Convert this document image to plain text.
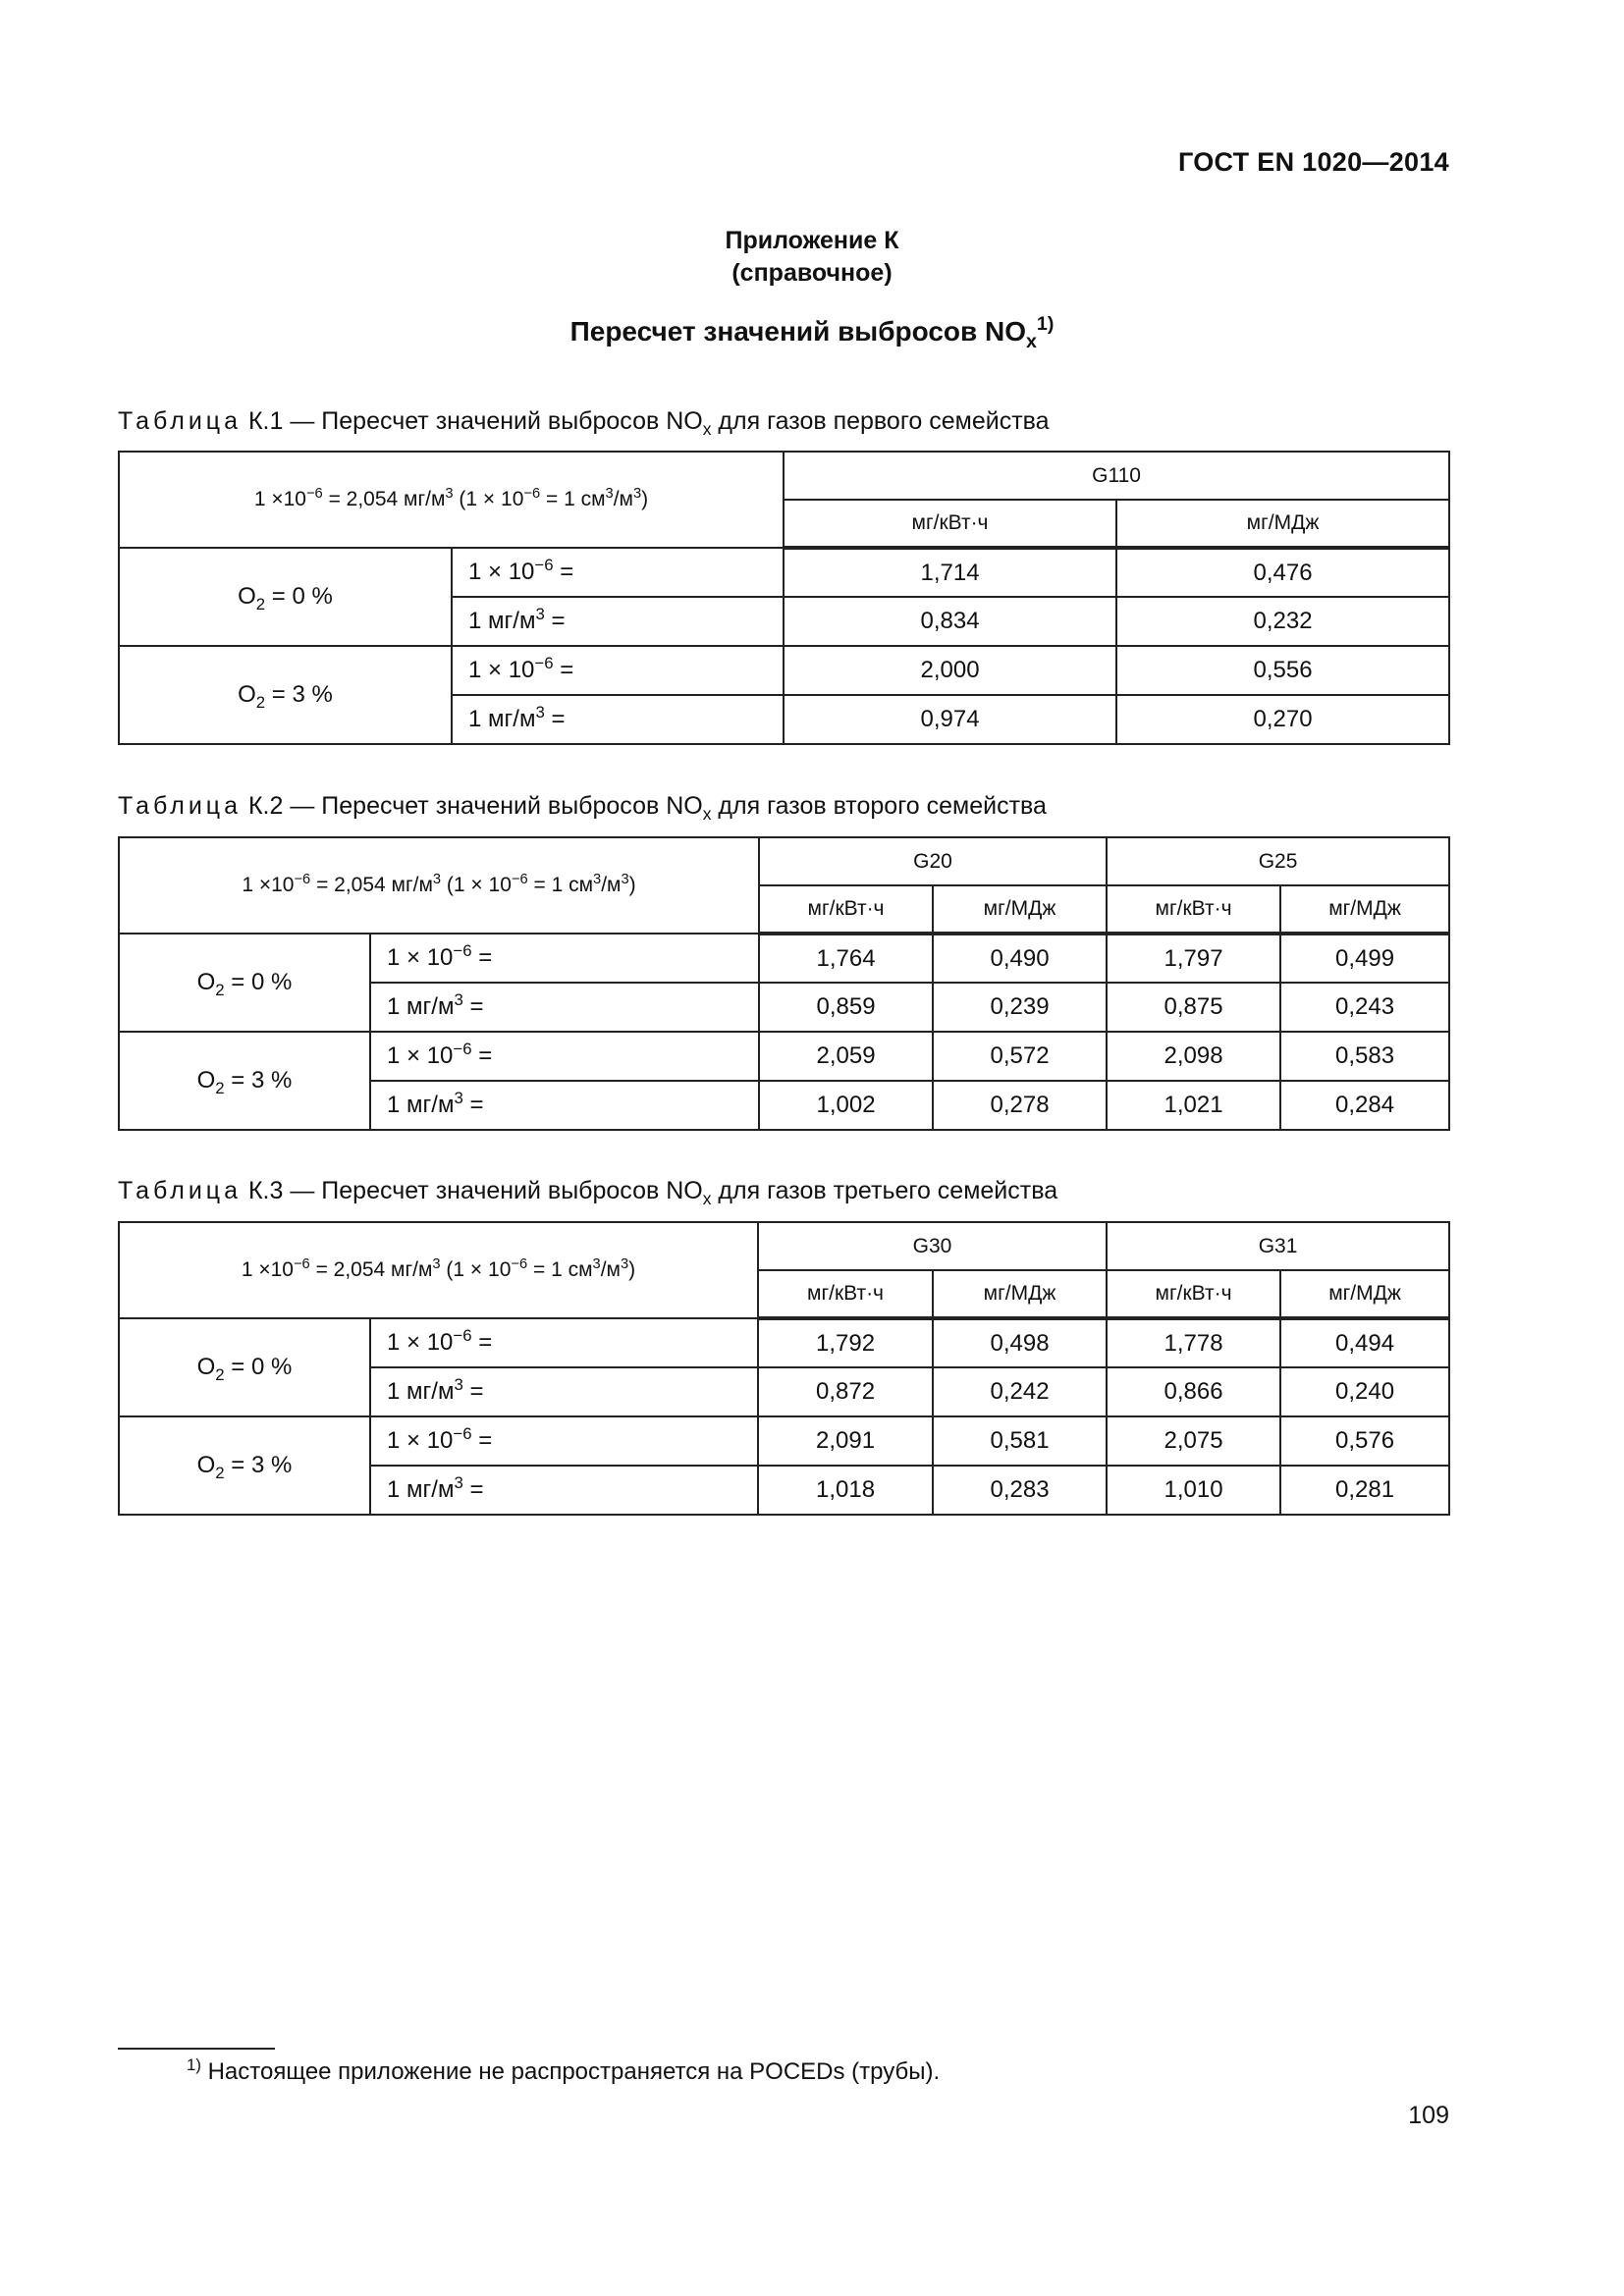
ГОСТ EN 1020—2014
Приложение К
(справочное)
Пересчет значений выбросов $NO_x^{1)}$
Таблица К.1 — Пересчет значений выбросов $NO_x$ для газов первого семейства
$1 \times 10^{-6} = 2,054$ $мг/м^3$ ($1 \times 10^{-6} = 1$ $см^3/м^3$)		G110	
		мг/кВт·ч	мг/МДж
$O_2 = 0$ %	$1 \times 10^{-6}$ =	1,714	0,476
	1 $мг/м^3$ =	0,834	0,232
$O_2 = 3$ %	$1 \times 10^{-6}$ =	2,000	0,556
	1 $мг/м^3$ =	0,974	0,270
Таблица К.2 — Пересчет значений выбросов $NO_x$ для газов второго семейства
$1 \times 10^{-6} = 2,054$ $мг/м^3$ ($1 \times 10^{-6} = 1$ $см^3/м^3$)		G20		G25	
		мг/кВт·ч	мг/МДж	мг/кВт·ч	мг/МДж
$O_2 = 0$ %	$1 \times 10^{-6}$ =	1,764	0,490	1,797	0,499
	1 $мг/м^3$ =	0,859	0,239	0,875	0,243
$O_2 = 3$ %	$1 \times 10^{-6}$ =	2,059	0,572	2,098	0,583
	1 $мг/м^3$ =	1,002	0,278	1,021	0,284
Таблица К.3 — Пересчет значений выбросов $NO_x$ для газов третьего семейства
$1 \times 10^{-6} = 2,054$ $мг/м^3$ ($1 \times 10^{-6} = 1$ $см^3/м^3$)		G30		G31	
		мг/кВт·ч	мг/МДж	мг/кВт·ч	мг/МДж
$O_2 = 0$ %	$1 \times 10^{-6}$ =	1,792	0,498	1,778	0,494
	1 $мг/м^3$ =	0,872	0,242	0,866	0,240
$O_2 = 3$ %	$1 \times 10^{-6}$ =	2,091	0,581	2,075	0,576
	1 $мг/м^3$ =	1,018	0,283	1,010	0,281
$^{1)}$ Настоящее приложение не распространяется на POCEDs (трубы).
109
